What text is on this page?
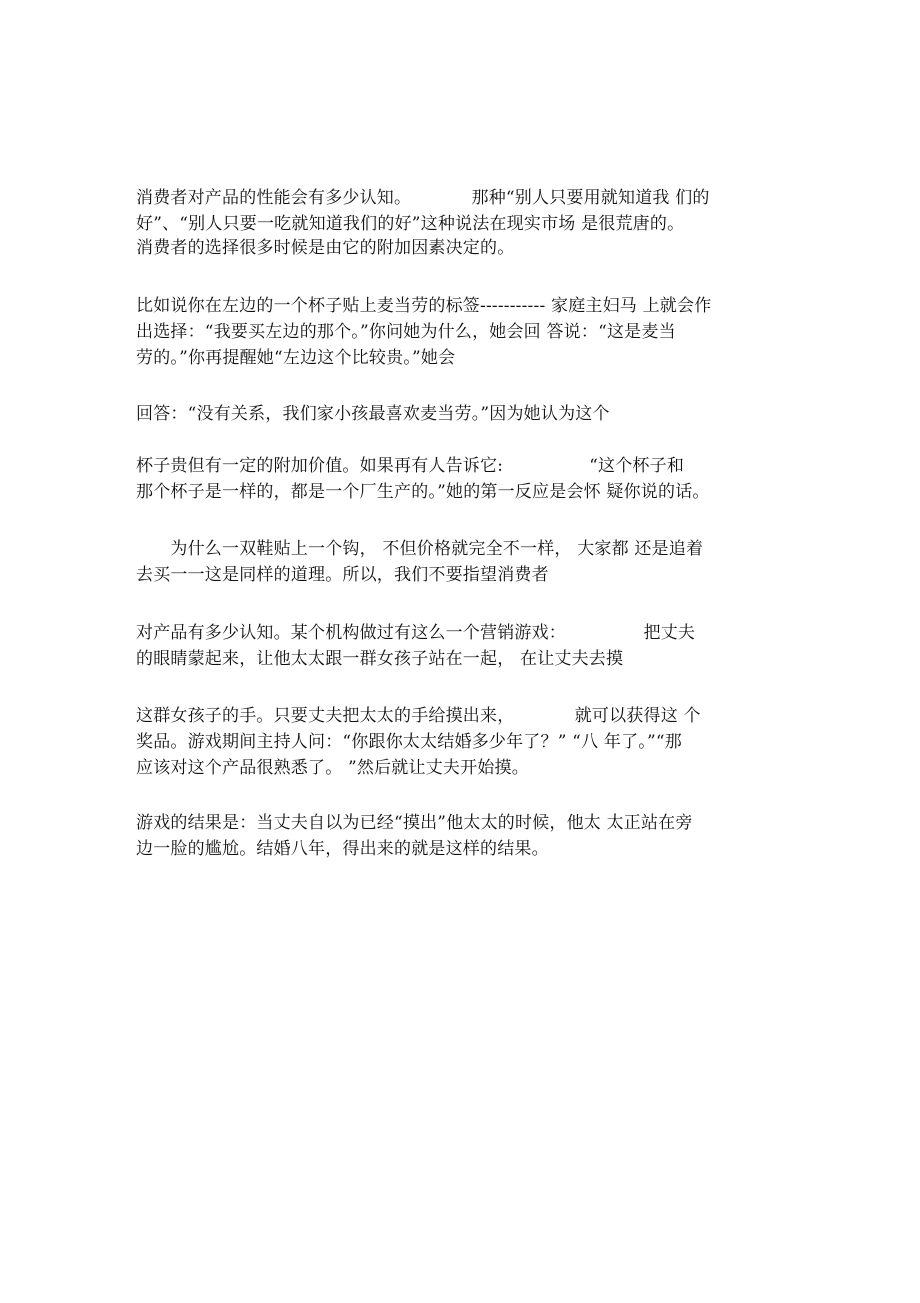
消费者对产品的性能会有多少认知。　　　　那种“别人只要用就知道我 们的
好”、“别人只要一吃就知道我们的好”这种说法在现实市场 是很荒唐的。
消费者的选择很多时候是由它的附加因素决定的。
比如说你在左边的一个杯子贴上麦当劳的标签----------- 家庭主妇马 上就会作
出选择：“我要买左边的那个。”你问她为什么，她会回 答说：“这是麦当
劳的。”你再提醒她“左边这个比较贵。”她会
回答：“没有关系，我们家小孩最喜欢麦当劳。”因为她认为这个
杯子贵但有一定的附加价值。如果再有人告诉它:　　　　　“这个杯子和
那个杯子是一样的，都是一个厂生产的。”她的第一反应是会怀 疑你说的话。
　　为什么一双鞋贴上一个钩， 不但价格就完全不一样， 大家都 还是追着
去买一一这是同样的道理。所以，我们不要指望消费者
对产品有多少认知。某个机构做过有这么一个营销游戏：　　　　　把丈夫
的眼睛蒙起来，让他太太跟一群女孩子站在一起， 在让丈夫去摸
这群女孩子的手。只要丈夫把太太的手给摸出来，　　　　就可以获得这 个
奖品。游戏期间主持人问：“你跟你太太结婚多少年了？” “八 年了。”“那
应该对这个产品很熟悉了。 ”然后就让丈夫开始摸。
游戏的结果是：当丈夫自以为已经“摸出”他太太的时候，他太 太正站在旁
边一脸的尴尬。结婚八年，得出来的就是这样的结果。
